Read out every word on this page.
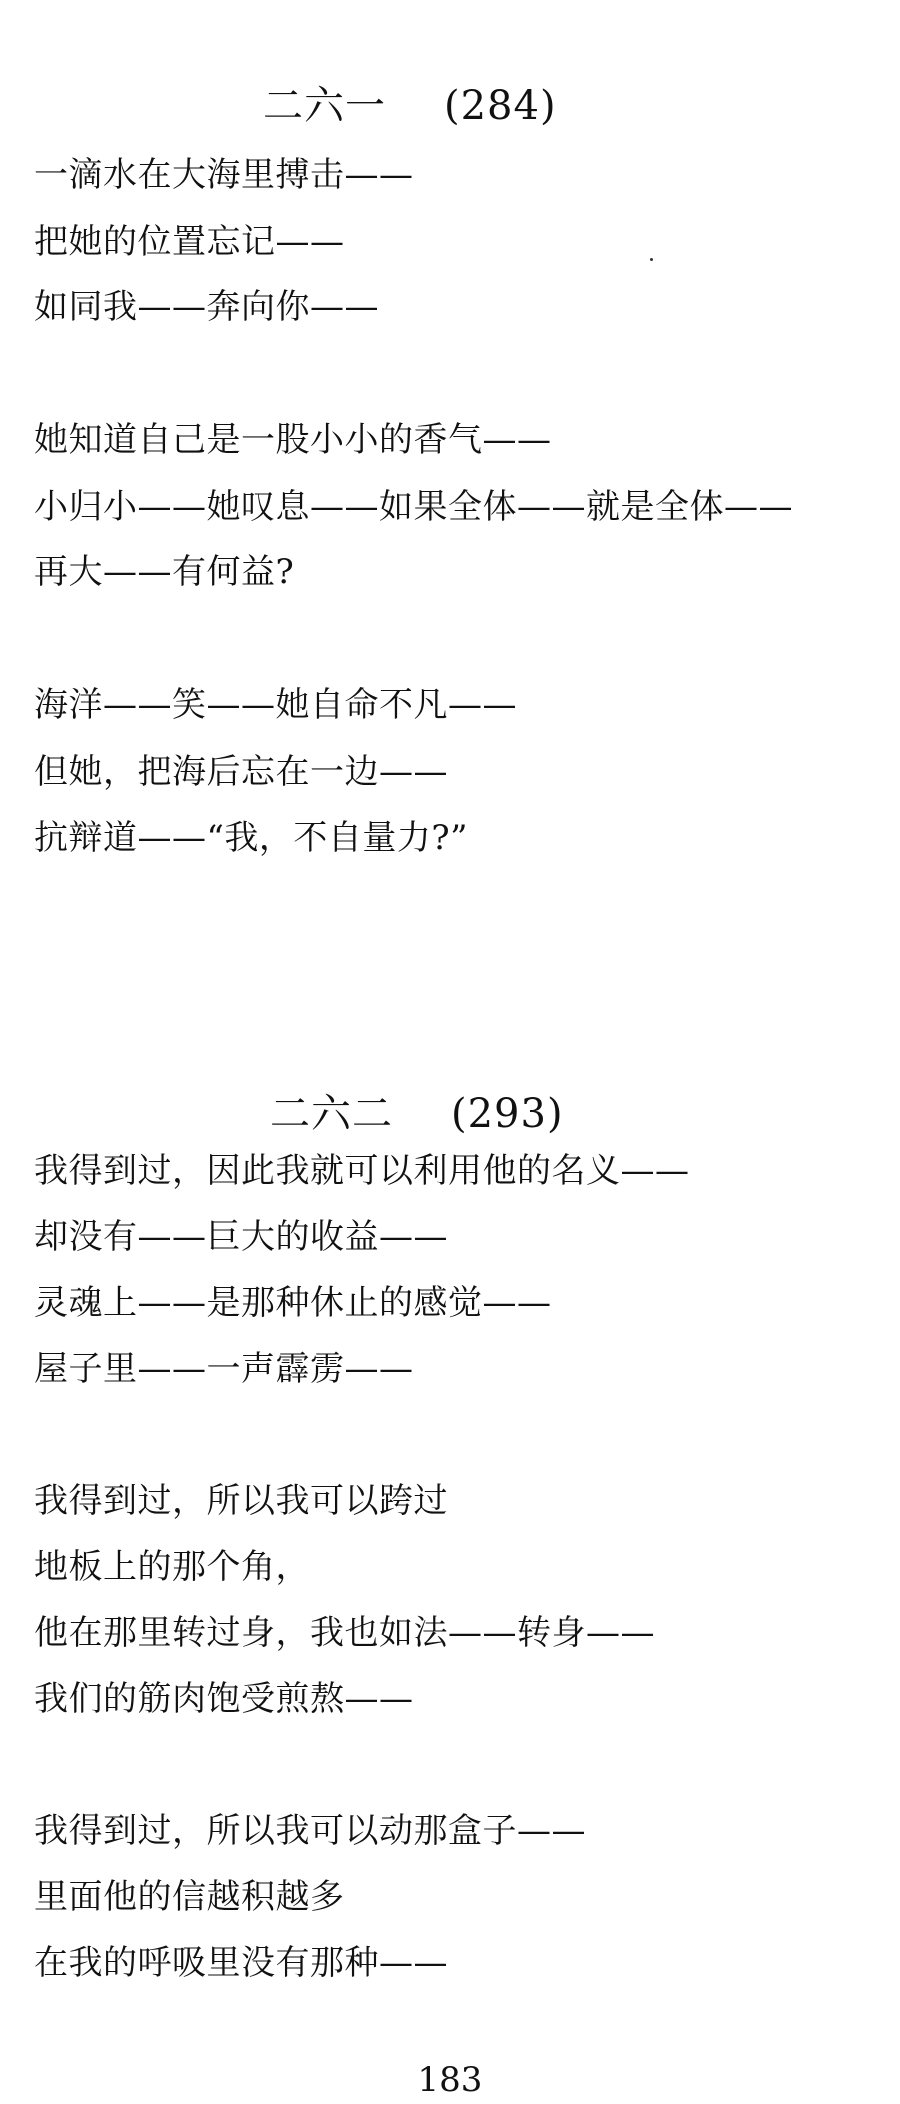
二六一 (284)
一滴水在大海里搏击——
把她的位置忘记——
如同我——奔向你——
她知道自己是一股小小的香气——
小归小——她叹息——如果全体——就是全体——
再大——有何益?
海洋——笑——她自命不凡——
但她，把海后忘在一边——
抗辩道——“我，不自量力?”
二六二 (293)
我得到过，因此我就可以利用他的名义——
却没有——巨大的收益——
灵魂上——是那种休止的感觉——
屋子里——一声霹雳——
我得到过，所以我可以跨过
地板上的那个角，
他在那里转过身，我也如法——转身——
我们的筋肉饱受煎熬——
我得到过，所以我可以动那盒子——
里面他的信越积越多
在我的呼吸里没有那种——
183
